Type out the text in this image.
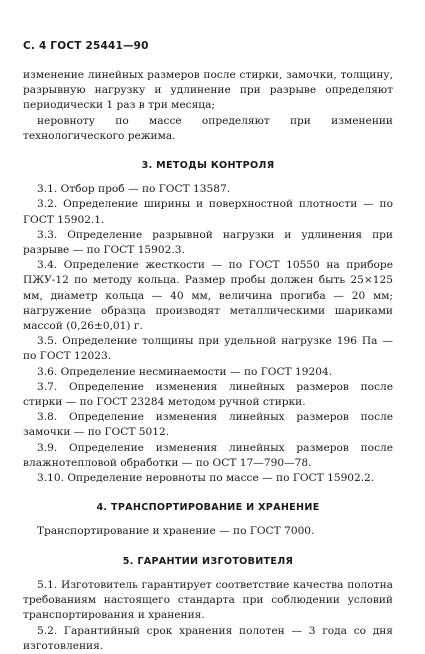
С. 4 ГОСТ 25441—90

изменение линейных размеров после стирки, замочки, толщину, разрывную нагрузку и удлинение при разрыве определяют периодически 1 раз в три месяца;

неровноту по массе определяют при изменении технологического режима.

3. МЕТОДЫ КОНТРОЛЯ

3.1. Отбор проб — по ГОСТ 13587.

3.2. Определение ширины и поверхностной плотности — по ГОСТ 15902.1.

3.3. Определение разрывной нагрузки и удлинения при разрыве — по ГОСТ 15902.3.

3.4. Определение жесткости — по ГОСТ 10550 на приборе ПЖУ-12 по методу кольца. Размер пробы должен быть 25×125 мм, диаметр кольца — 40 мм, величина прогиба — 20 мм; нагружение образца производят металлическими шариками массой (0,26±0,01) г.

3.5. Определение толщины при удельной нагрузке 196 Па — по ГОСТ 12023.

3.6. Определение несминаемости — по ГОСТ 19204.

3.7. Определение изменения линейных размеров после стирки — по ГОСТ 23284 методом ручной стирки.

3.8. Определение изменения линейных размеров после замочки — по ГОСТ 5012.

3.9. Определение изменения линейных размеров после влажнотепловой обработки — по ОСТ 17—790—78.

3.10. Определение неровноты по массе — по ГОСТ 15902.2.

4. ТРАНСПОРТИРОВАНИЕ И ХРАНЕНИЕ

Транспортирование и хранение — по ГОСТ 7000.

5. ГАРАНТИИ ИЗГОТОВИТЕЛЯ

5.1. Изготовитель гарантирует соответствие качества полотна требованиям настоящего стандарта при соблюдении условий транспортирования и хранения.

5.2. Гарантийный срок хранения полотен — 3 года со дня изготовления.
